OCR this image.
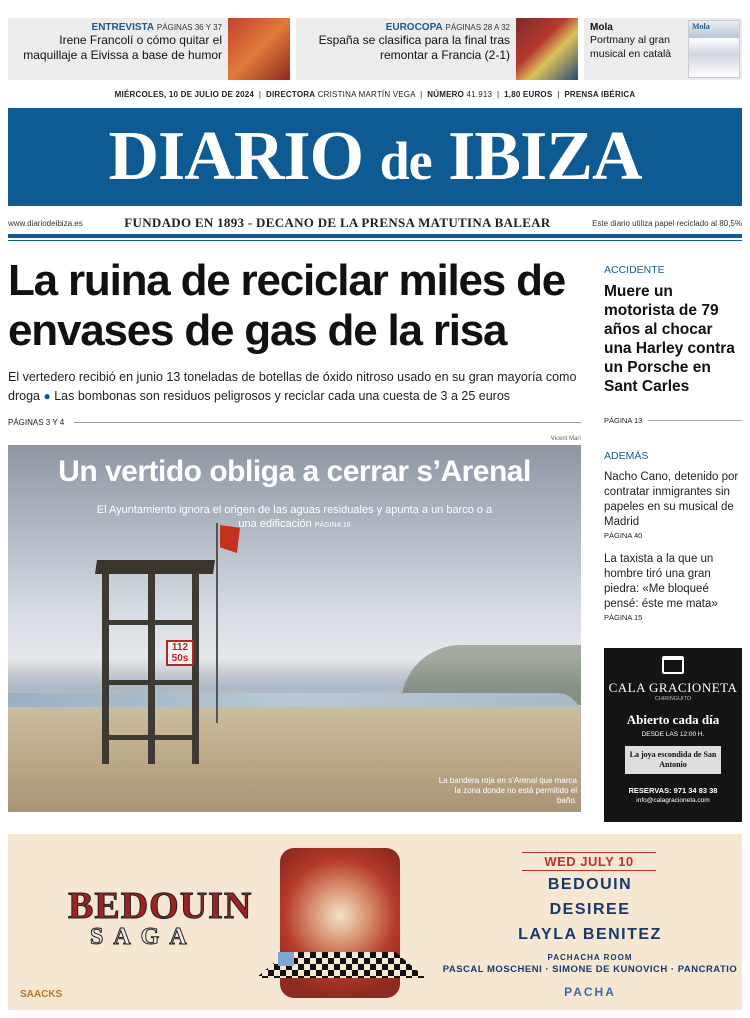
ENTREVISTA PÁGINAS 36 Y 37
Irene Francolí o cómo quitar el maquillaje a Eivissa a base de humor
EUROCOPA PÁGINAS 28 A 32
España se clasifica para la final tras remontar a Francia (2-1)
Mola
Portmany al gran musical en català
Mola
MIÉRCOLES, 10 DE JULIO DE 2024  |  DIRECTORA CRISTINA MARTÍN VEGA  |  NÚMERO 41.913  |  1,80 EUROS  |  PRENSA IBÉRICA
DIARIO de IBIZA
www.diariodeibiza.es	FUNDADO EN 1893 - DECANO DE LA PRENSA MATUTINA BALEAR	Este diario utiliza papel reciclado al 80,5%
La ruina de reciclar miles de envases de gas de la risa
El vertedero recibió en junio 13 toneladas de botellas de óxido nitroso usado en su gran mayoría como droga ● Las bombonas son residuos peligrosos y reciclar cada una cuesta de 3 a 25 euros
PÁGINAS 3 Y 4
Vicent Marí
112
50s
Un vertido obliga a cerrar s’Arenal
El Ayuntamiento ignora el origen de las aguas residuales y apunta a un barco o a una edificación PÁGINA 16
La bandera roja en s’Arenal que marca la zona donde no está permitido el baño.
ACCIDENTE
Muere un motorista de 79 años al chocar una Harley contra un Porsche en Sant Carles
PÁGINA 13
ADEMÁS
Nacho Cano, detenido por contratar inmigrantes sin papeles en su musical de Madrid
PÁGINA 40
La taxista a la que un hombre tiró una gran piedra: «Me bloqueé pensé: éste me mata»
PÁGINA 15
CALA GRACIONETA
CHIRINGUITO
Abierto cada día
DESDE LAS 12:00 H.
La joya escondida de San Antonio
RESERVAS: 971 34 83 38
info@calagracioneta.com
BEDOUIN
SAGA
SAACKS
WED JULY 10
BEDOUIN
DESIREE
LAYLA BENITEZ
PACHACHA ROOM
PASCAL MOSCHENI · SIMONE DE KUNOVICH · PANCRATIO
PACHA
